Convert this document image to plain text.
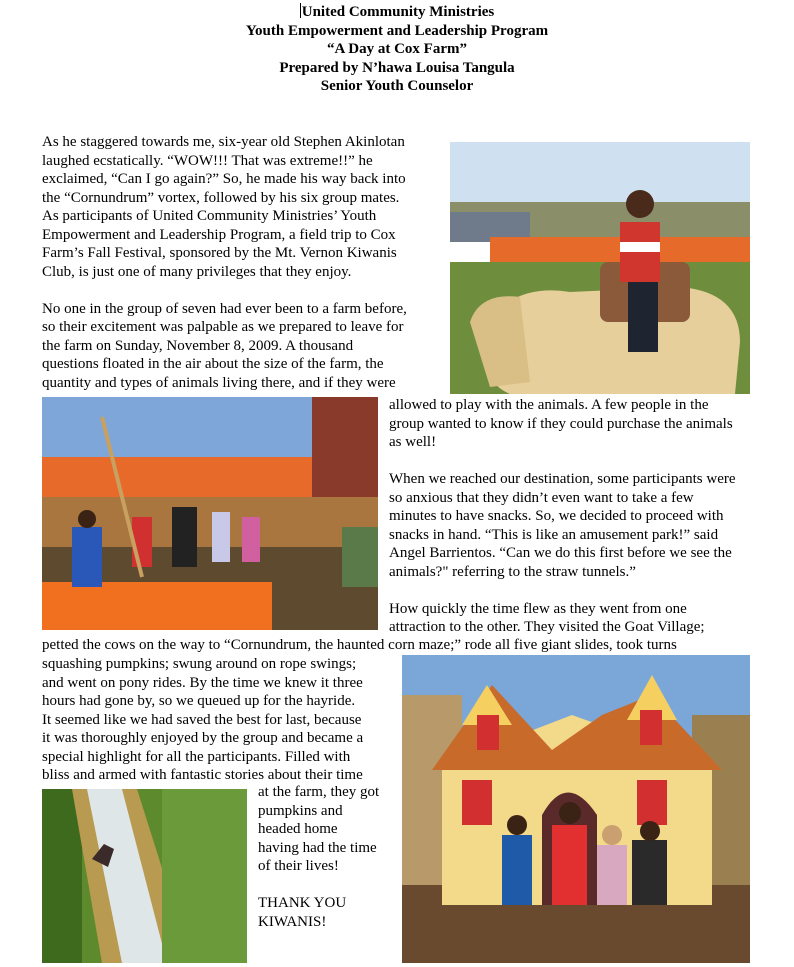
United Community Ministries
Youth Empowerment and Leadership Program
“A Day at Cox Farm”
Prepared by N’hawa Louisa Tangula
Senior Youth Counselor
As he staggered towards me, six-year old Stephen Akinlotan
laughed ecstatically. “WOW!!! That was extreme!!” he
exclaimed, “Can I go again?” So, he made his way back into
the “Cornundrum” vortex, followed by his six group mates.
As participants of United Community Ministries’ Youth
Empowerment and Leadership Program, a field trip to Cox
Farm’s Fall Festival, sponsored by the Mt. Vernon Kiwanis
Club, is just one of many privileges that they enjoy.
No one in the group of seven had ever been to a farm before,
so their excitement was palpable as we prepared to leave for
the farm on Sunday, November 8, 2009. A thousand
questions floated in the air about the size of the farm, the
quantity and types of animals living there, and if they were
allowed to play with the animals. A few people in the
group wanted to know if they could purchase the animals
as well!
When we reached our destination, some participants were
so anxious that they didn’t even want to take a few
minutes to have snacks. So, we decided to proceed with
snacks in hand. “This is like an amusement park!” said
Angel Barrientos. “Can we do this first before we see the
animals?" referring to the straw tunnels.”
How quickly the time flew as they went from one
attraction to the other. They visited the Goat Village;
petted the cows on the way to “Cornundrum, the haunted corn maze;” rode all five giant slides, took turns
squashing pumpkins; swung around on rope swings;
and went on pony rides. By the time we knew it three
hours had gone by, so we queued up for the hayride.
It seemed like we had saved the best for last, because
it was thoroughly enjoyed by the group and became a
special highlight for all the participants. Filled with
bliss and armed with fantastic stories about their time
at the farm, they got
pumpkins and
headed home
having had the time
of their lives!
THANK YOU
KIWANIS!
